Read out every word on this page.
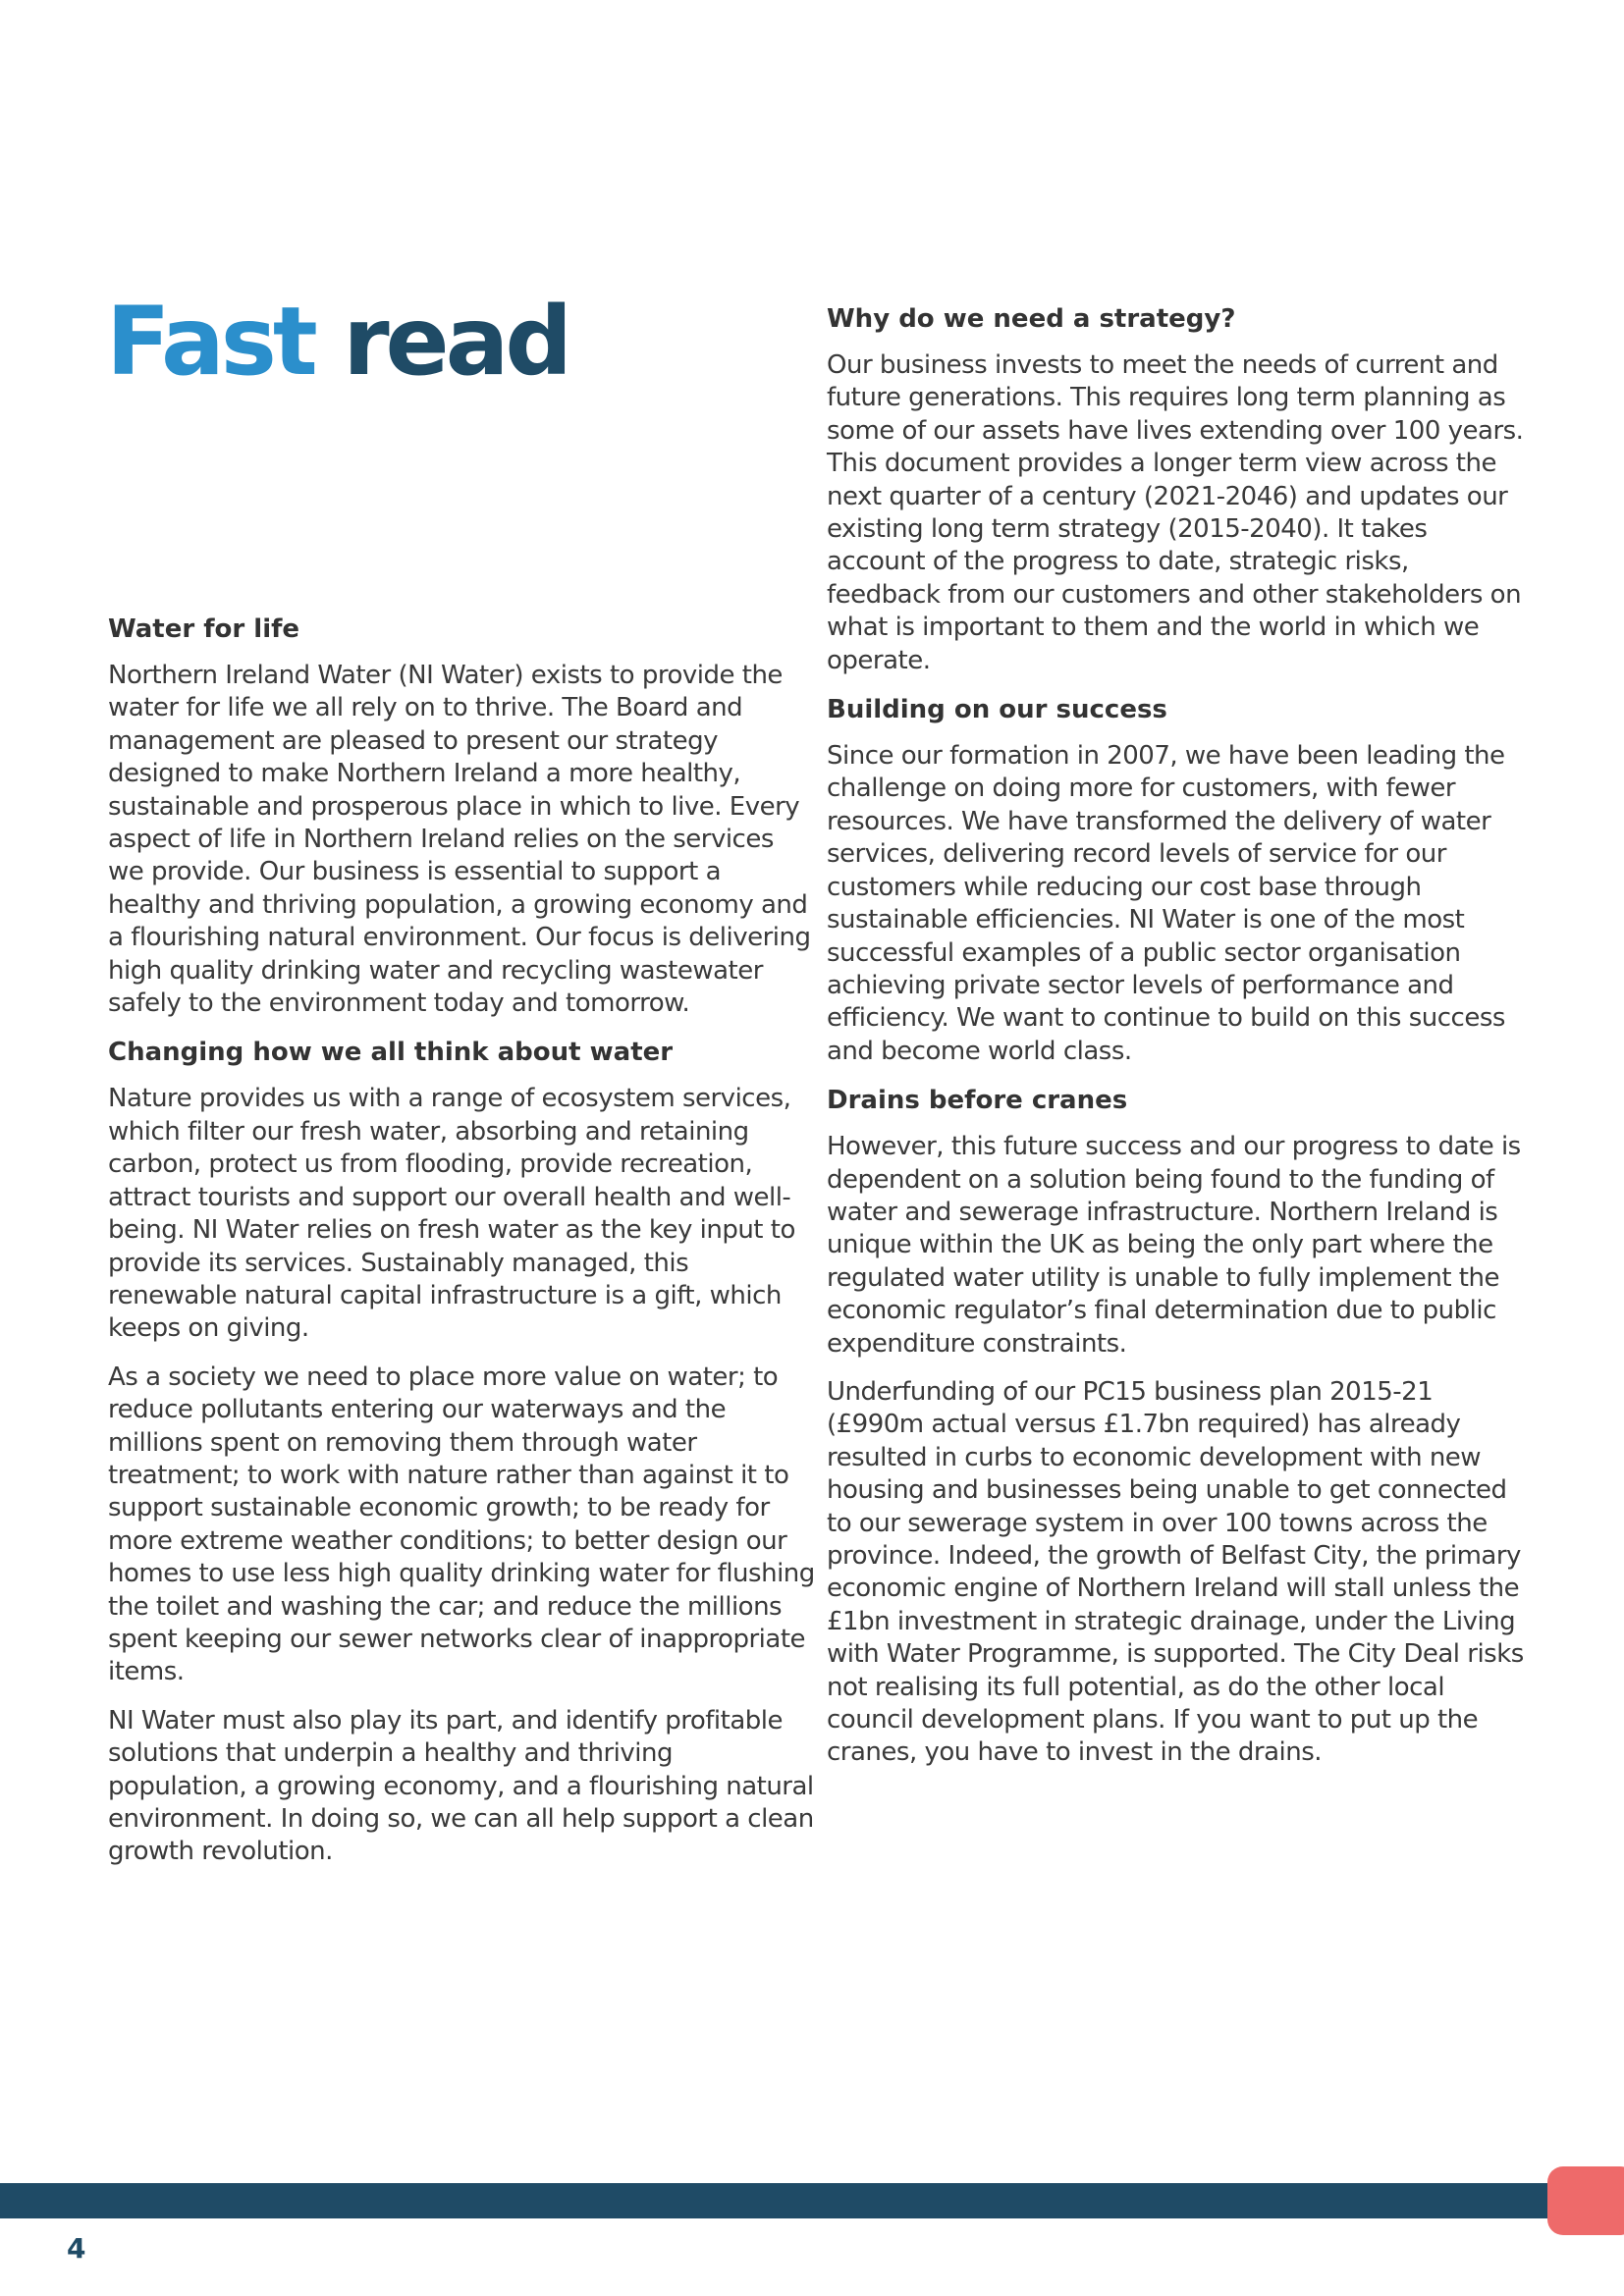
Fast read
Water for life

Northern Ireland Water (NI Water) exists to provide the water for life we all rely on to thrive. The Board and management are pleased to present our strategy designed to make Northern Ireland a more healthy, sustainable and prosperous place in which to live. Every aspect of life in Northern Ireland relies on the services we provide. Our business is essential to support a healthy and thriving population, a growing economy and a flourishing natural environment. Our focus is delivering high quality drinking water and recycling wastewater safely to the environment today and tomorrow.

Changing how we all think about water

Nature provides us with a range of ecosystem services, which filter our fresh water, absorbing and retaining carbon, protect us from flooding, provide recreation, attract tourists and support our overall health and well-being. NI Water relies on fresh water as the key input to provide its services. Sustainably managed, this renewable natural capital infrastructure is a gift, which keeps on giving.

As a society we need to place more value on water; to reduce pollutants entering our waterways and the millions spent on removing them through water treatment; to work with nature rather than against it to support sustainable economic growth; to be ready for more extreme weather conditions; to better design our homes to use less high quality drinking water for flushing the toilet and washing the car; and reduce the millions spent keeping our sewer networks clear of inappropriate items.

NI Water must also play its part, and identify profitable solutions that underpin a healthy and thriving population, a growing economy, and a flourishing natural environment. In doing so, we can all help support a clean growth revolution.

Why do we need a strategy?

Our business invests to meet the needs of current and future generations. This requires long term planning as some of our assets have lives extending over 100 years. This document provides a longer term view across the next quarter of a century (2021-2046) and updates our existing long term strategy (2015-2040). It takes account of the progress to date, strategic risks, feedback from our customers and other stakeholders on what is important to them and the world in which we operate.

Building on our success

Since our formation in 2007, we have been leading the challenge on doing more for customers, with fewer resources. We have transformed the delivery of water services, delivering record levels of service for our customers while reducing our cost base through sustainable efficiencies. NI Water is one of the most successful examples of a public sector organisation achieving private sector levels of performance and efficiency. We want to continue to build on this success and become world class.

Drains before cranes

However, this future success and our progress to date is dependent on a solution being found to the funding of water and sewerage infrastructure. Northern Ireland is unique within the UK as being the only part where the regulated water utility is unable to fully implement the economic regulator’s final determination due to public expenditure constraints.

Underfunding of our PC15 business plan 2015-21 (£990m actual versus £1.7bn required) has already resulted in curbs to economic development with new housing and businesses being unable to get connected to our sewerage system in over 100 towns across the province. Indeed, the growth of Belfast City, the primary economic engine of Northern Ireland will stall unless the £1bn investment in strategic drainage, under the Living with Water Programme, is supported. The City Deal risks not realising its full potential, as do the other local council development plans. If you want to put up the cranes, you have to invest in the drains.

4
